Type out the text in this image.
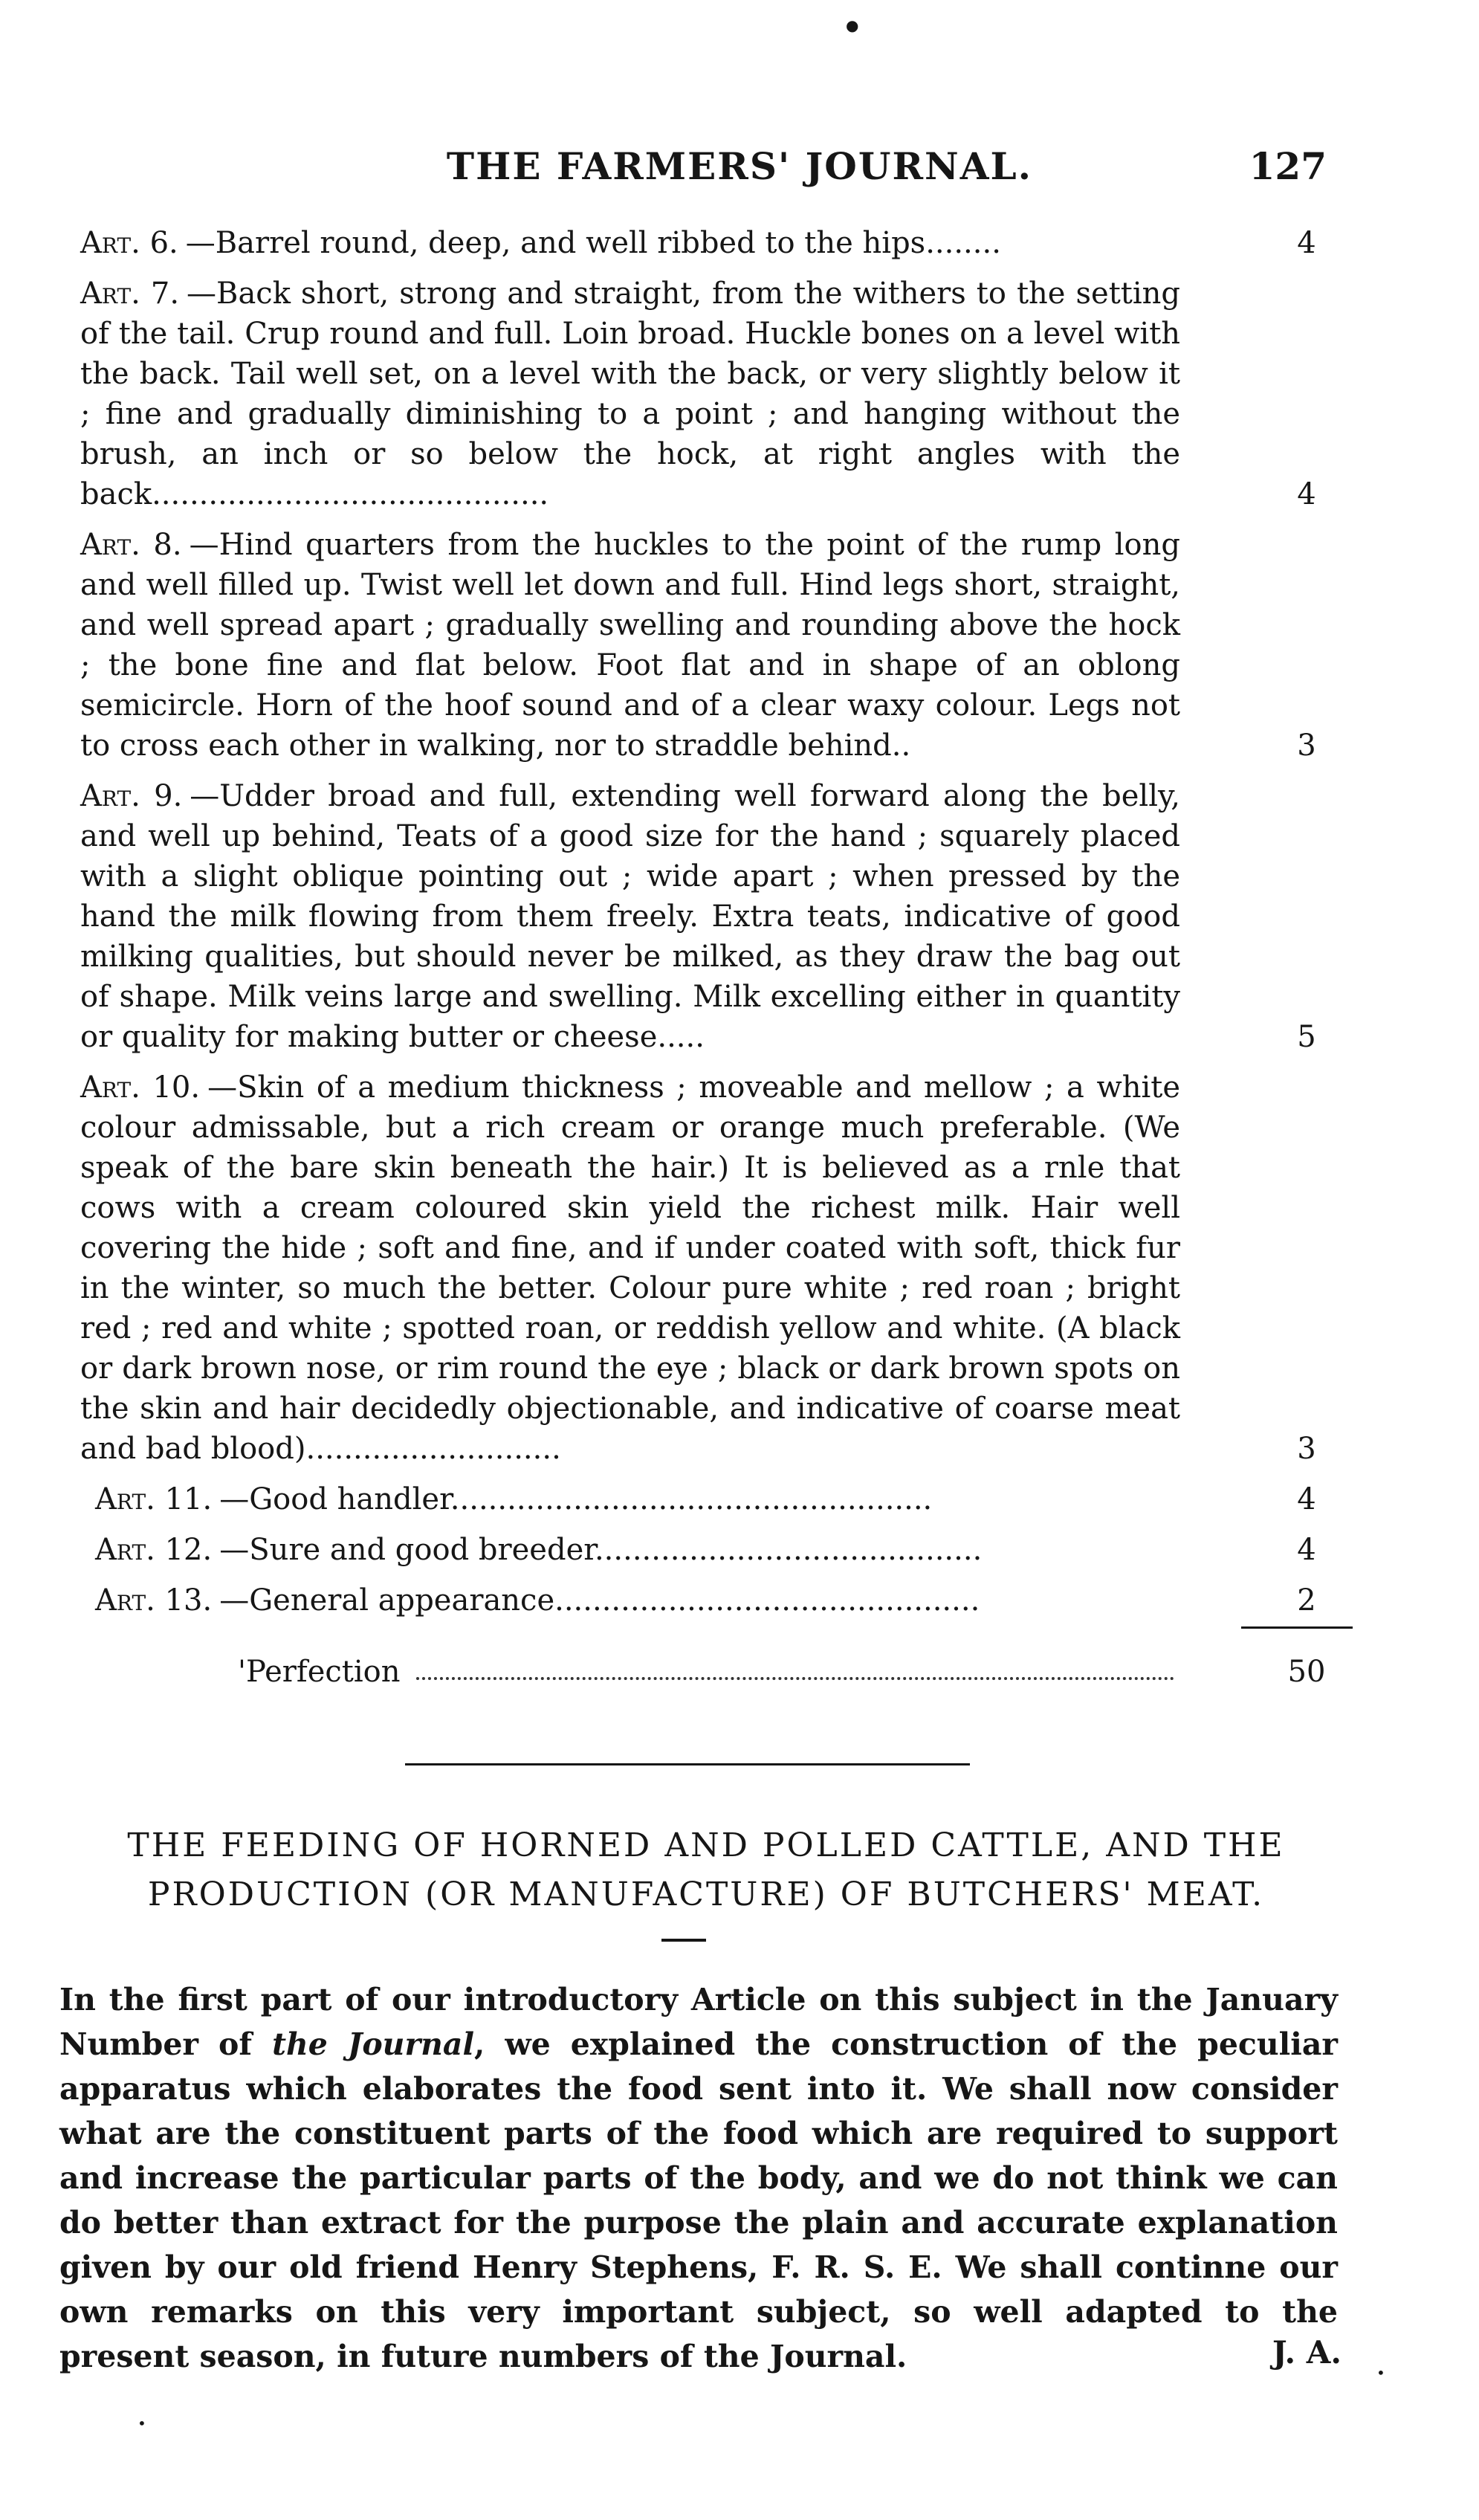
●
THE FARMERS' JOURNAL.	127
Art. 6. —Barrel round, deep, and well ribbed to the hips........	4
Art. 7. —Back short, strong and straight, from the withers to the setting of the tail. Crup round and full. Loin broad. Huckle bones on a level with the back. Tail well set, on a level with the back, or very slightly below it ; fine and gradually diminishing to a point ; and hanging without the brush, an inch or so below the hock, at right angles with the back..........................................	4
Art. 8. —Hind quarters from the huckles to the point of the rump long and well filled up. Twist well let down and full. Hind legs short, straight, and well spread apart ; gradually swelling and rounding above the hock ; the bone fine and flat below. Foot flat and in shape of an oblong semicircle. Horn of the hoof sound and of a clear waxy colour. Legs not to cross each other in walking, nor to straddle behind..	3
Art. 9. —Udder broad and full, extending well forward along the belly, and well up behind, Teats of a good size for the hand ; squarely placed with a slight oblique pointing out ; wide apart ; when pressed by the hand the milk flowing from them freely. Extra teats, indicative of good milking qualities, but should never be milked, as they draw the bag out of shape. Milk veins large and swelling. Milk excelling either in quantity or quality for making butter or cheese.....	5
Art. 10. —Skin of a medium thickness ; moveable and mellow ; a white colour admissable, but a rich cream or orange much preferable. (We speak of the bare skin beneath the hair.) It is believed as a rnle that cows with a cream coloured skin yield the richest milk. Hair well covering the hide ; soft and fine, and if under coated with soft, thick fur in the winter, so much the better. Colour pure white ; red roan ; bright red ; red and white ; spotted roan, or reddish yellow and white. (A black or dark brown nose, or rim round the eye ; black or dark brown spots on the skin and hair decidedly objectionable, and indicative of coarse meat and bad blood)...........................	3
Art. 11. —Good handler...................................................	4
Art. 12. —Sure and good breeder.........................................	4
Art. 13. —General appearance.............................................	2
'Perfection	50
THE FEEDING OF HORNED AND POLLED CATTLE, AND THE
PRODUCTION (OR MANUFACTURE) OF BUTCHERS' MEAT.
In the first part of our introductory Article on this subject in the January Number of the Journal, we explained the construction of the peculiar apparatus which elaborates the food sent into it. We shall now consider what are the constituent parts of the food which are required to support and increase the particular parts of the body, and we do not think we can do better than extract for the purpose the plain and accurate explanation given by our old friend Henry Stephens, F. R. S. E. We shall continne our own remarks on this very important subject, so well adapted to the present season, in future numbers of the Journal.	J. A.
•
•
